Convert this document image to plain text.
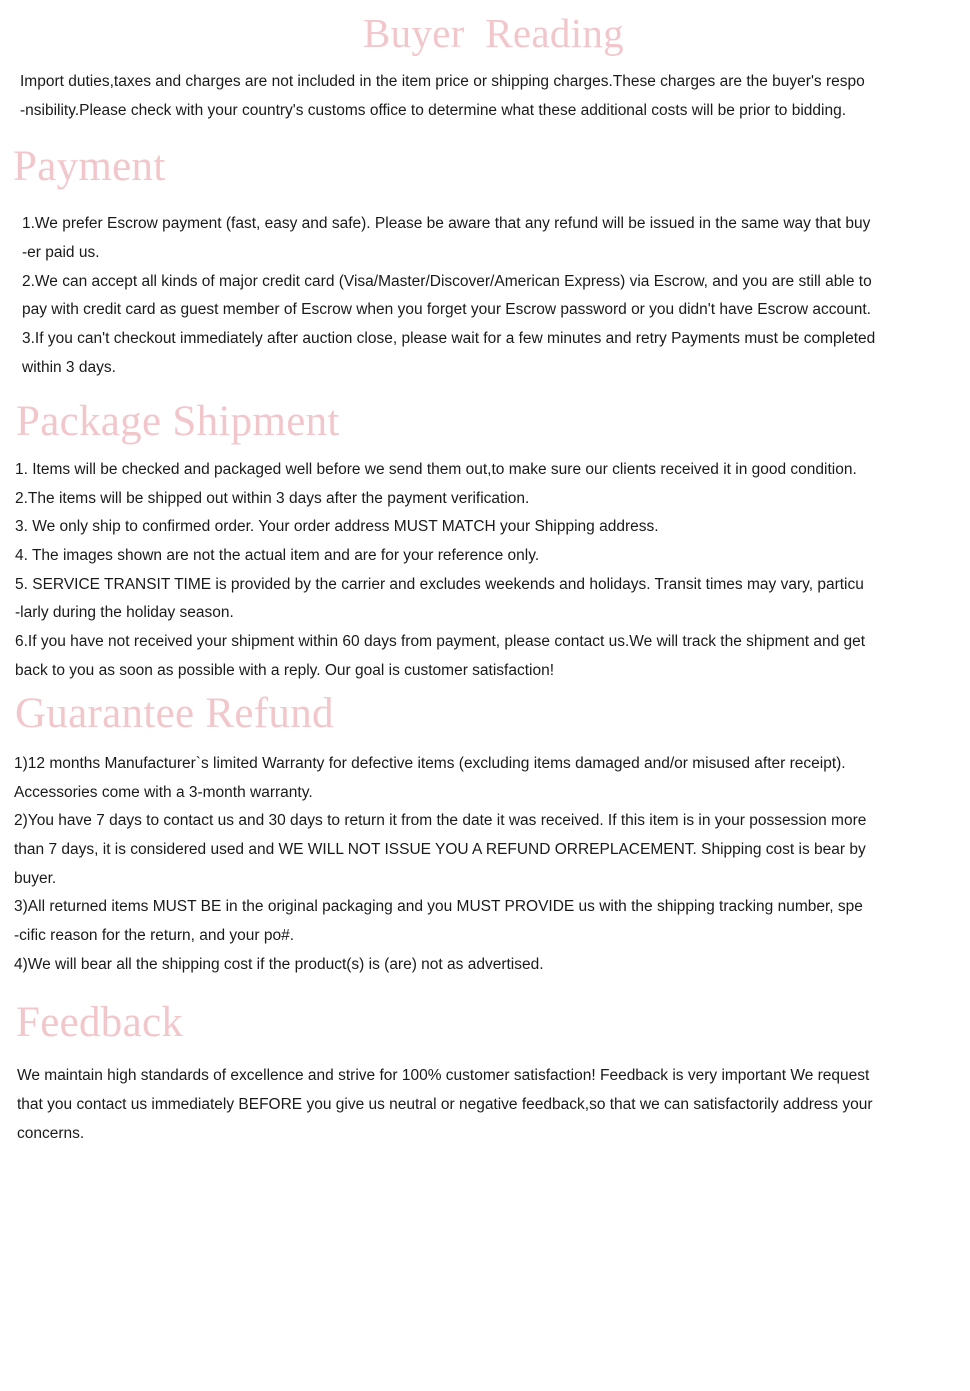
Buyer Reading

Import duties,taxes and charges are not included in the item price or shipping charges.These charges are the buyer's respo

-nsibility.Please check with your country's customs office to determine what these additional costs will be prior to bidding.

Payment

1.We prefer Escrow payment (fast, easy and safe). Please be aware that any refund will be issued in the same way that buy

-er paid us.

2.We can accept all kinds of major credit card (Visa/Master/Discover/American Express) via Escrow, and you are still able to

pay with credit card as guest member of Escrow when you forget your Escrow password or you didn't have Escrow account.

3.If you can't checkout immediately after auction close, please wait for a few minutes and retry Payments must be completed

within 3 days.

Package Shipment

1. Items will be checked and packaged well before we send them out,to make sure our clients received it in good condition.

2.The items will be shipped out within 3 days after the payment verification.

3. We only ship to confirmed order. Your order address MUST MATCH your Shipping address.

4. The images shown are not the actual item and are for your reference only.

5. SERVICE TRANSIT TIME is provided by the carrier and excludes weekends and holidays. Transit times may vary, particu

-larly during the holiday season.

6.If you have not received your shipment within 60 days from payment, please contact us.We will track the shipment and get

back to you as soon as possible with a reply. Our goal is customer satisfaction!

Guarantee Refund

1)12 months Manufacturer`s limited Warranty for defective items (excluding items damaged and/or misused after receipt).

Accessories come with a 3-month warranty.

2)You have 7 days to contact us and 30 days to return it from the date it was received. If this item is in your possession more

than 7 days, it is considered used and WE WILL NOT ISSUE YOU A REFUND ORREPLACEMENT. Shipping cost is bear by

buyer.

3)All returned items MUST BE in the original packaging and you MUST PROVIDE us with the shipping tracking number, spe

-cific reason for the return, and your po#.

4)We will bear all the shipping cost if the product(s) is (are) not as advertised.

Feedback

We maintain high standards of excellence and strive for 100% customer satisfaction! Feedback is very important We request

that you contact us immediately BEFORE you give us neutral or negative feedback,so that we can satisfactorily address your

concerns.
